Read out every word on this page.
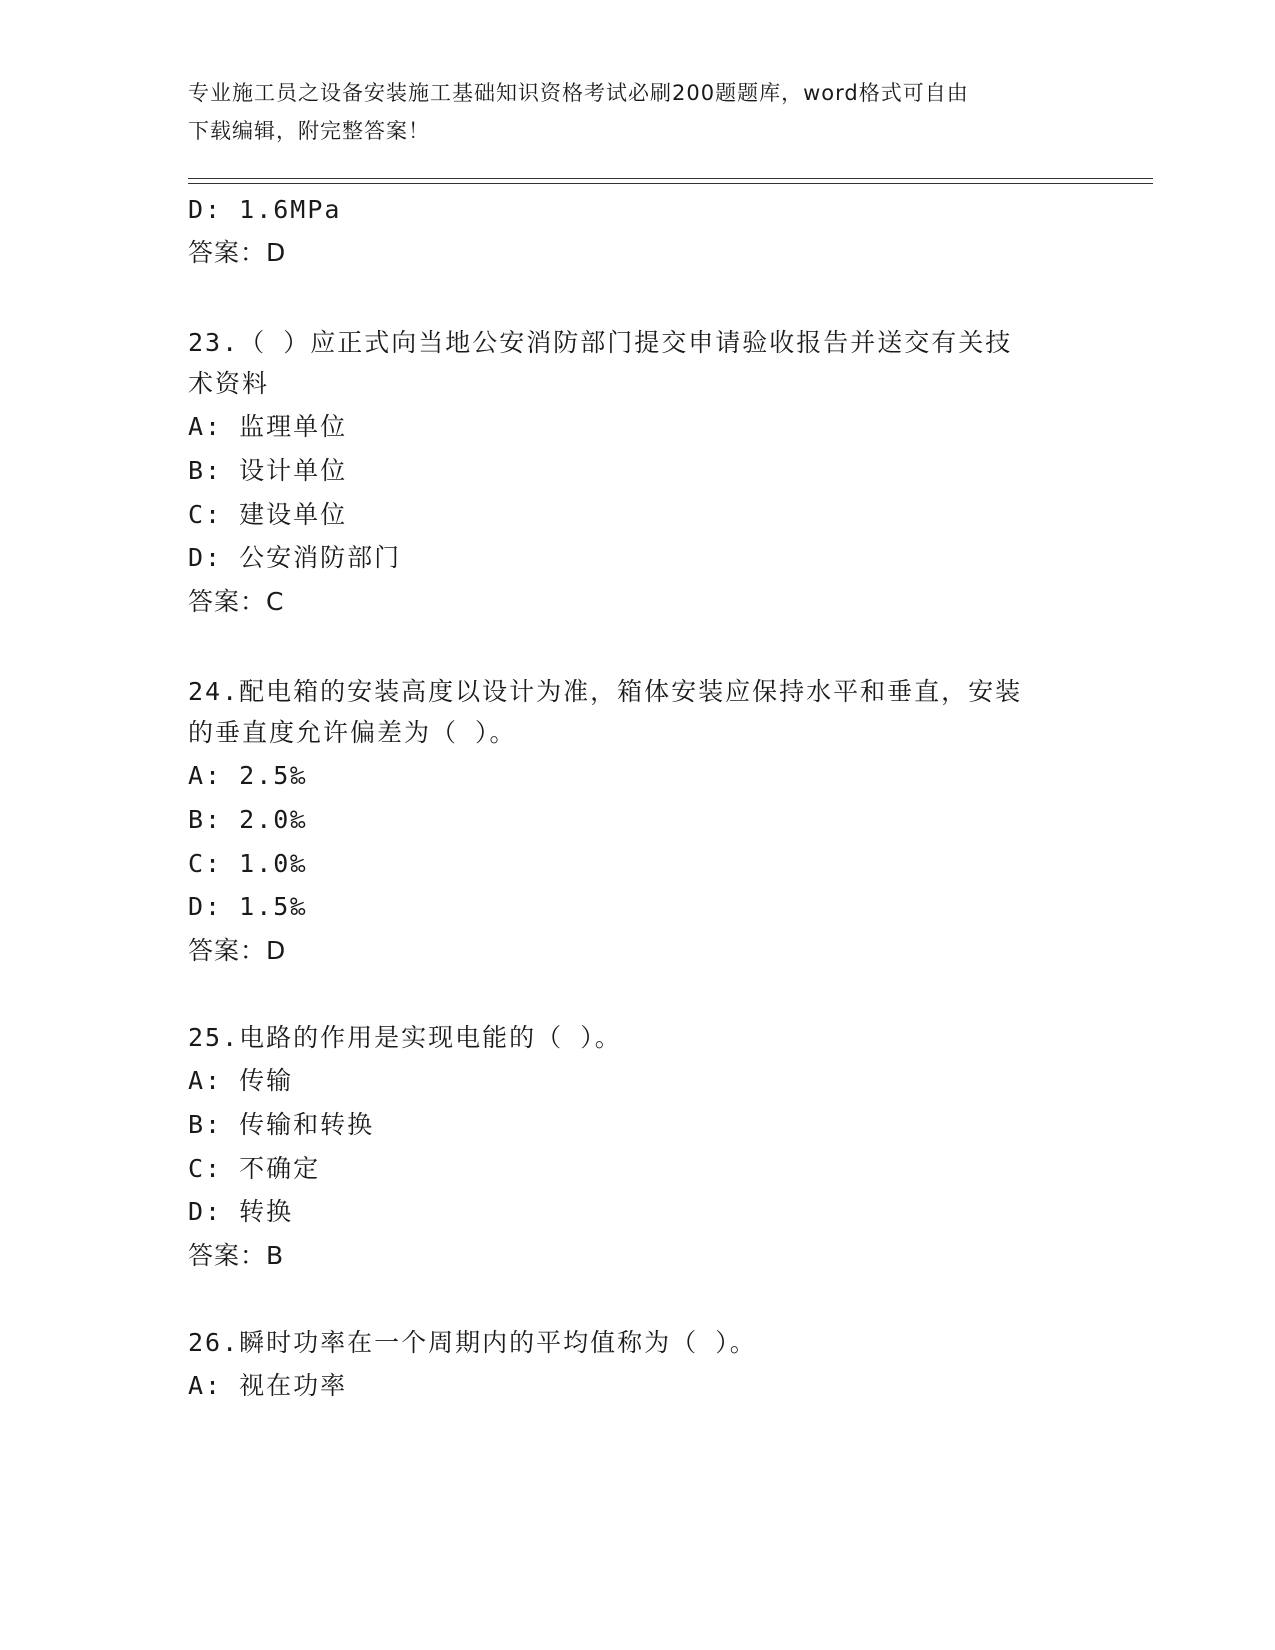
专业施工员之设备安装施工基础知识资格考试必刷200题题库，word格式可自由
下载编辑，附完整答案！
D: 1.6MPa
答案：D
23.（ ）应正式向当地公安消防部门提交申请验收报告并送交有关技
术资料
A: 监理单位
B: 设计单位
C: 建设单位
D: 公安消防部门
答案：C
24.配电箱的安装高度以设计为准，箱体安装应保持水平和垂直，安装
的垂直度允许偏差为（ ）。
A: 2.5‰
B: 2.0‰
C: 1.0‰
D: 1.5‰
答案：D
25.电路的作用是实现电能的（ ）。
A: 传输
B: 传输和转换
C: 不确定
D: 转换
答案：B
26.瞬时功率在一个周期内的平均值称为（ ）。
A: 视在功率
